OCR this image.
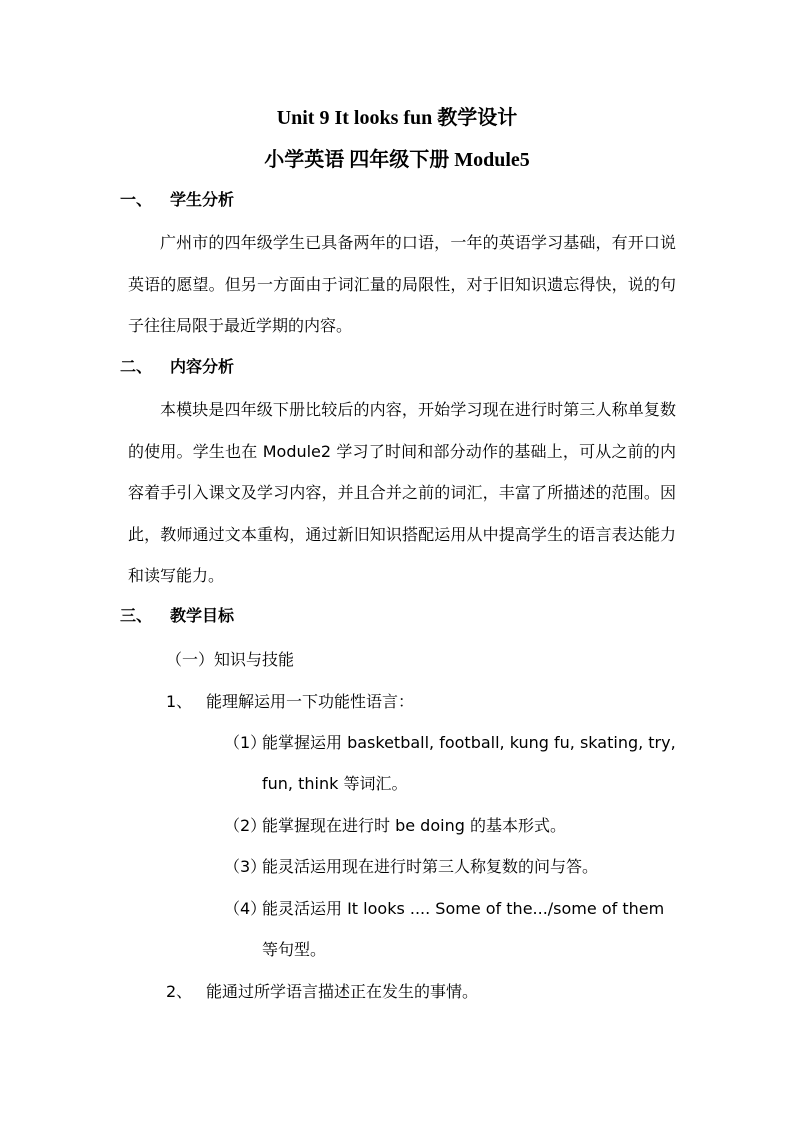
Unit 9 It looks fun 教学设计
小学英语 四年级下册 Module5
一、 学生分析

广州市的四年级学生已具备两年的口语，一年的英语学习基础，有开口说英语的愿望。但另一方面由于词汇量的局限性，对于旧知识遗忘得快，说的句子往往局限于最近学期的内容。

二、 内容分析

本模块是四年级下册比较后的内容，开始学习现在进行时第三人称单复数的使用。学生也在 Module2 学习了时间和部分动作的基础上，可从之前的内容着手引入课文及学习内容，并且合并之前的词汇，丰富了所描述的范围。因此，教师通过文本重构，通过新旧知识搭配运用从中提高学生的语言表达能力和读写能力。

三、 教学目标
（一）知识与技能
1、 能理解运用一下功能性语言：
（1）能掌握运用 basketball, football, kung fu, skating, try,
fun, think 等词汇。
（2）能掌握现在进行时 be doing 的基本形式。
（3）能灵活运用现在进行时第三人称复数的问与答。
（4）能灵活运用 It looks .... Some of the.../some of them
等句型。
2、 能通过所学语言描述正在发生的事情。
